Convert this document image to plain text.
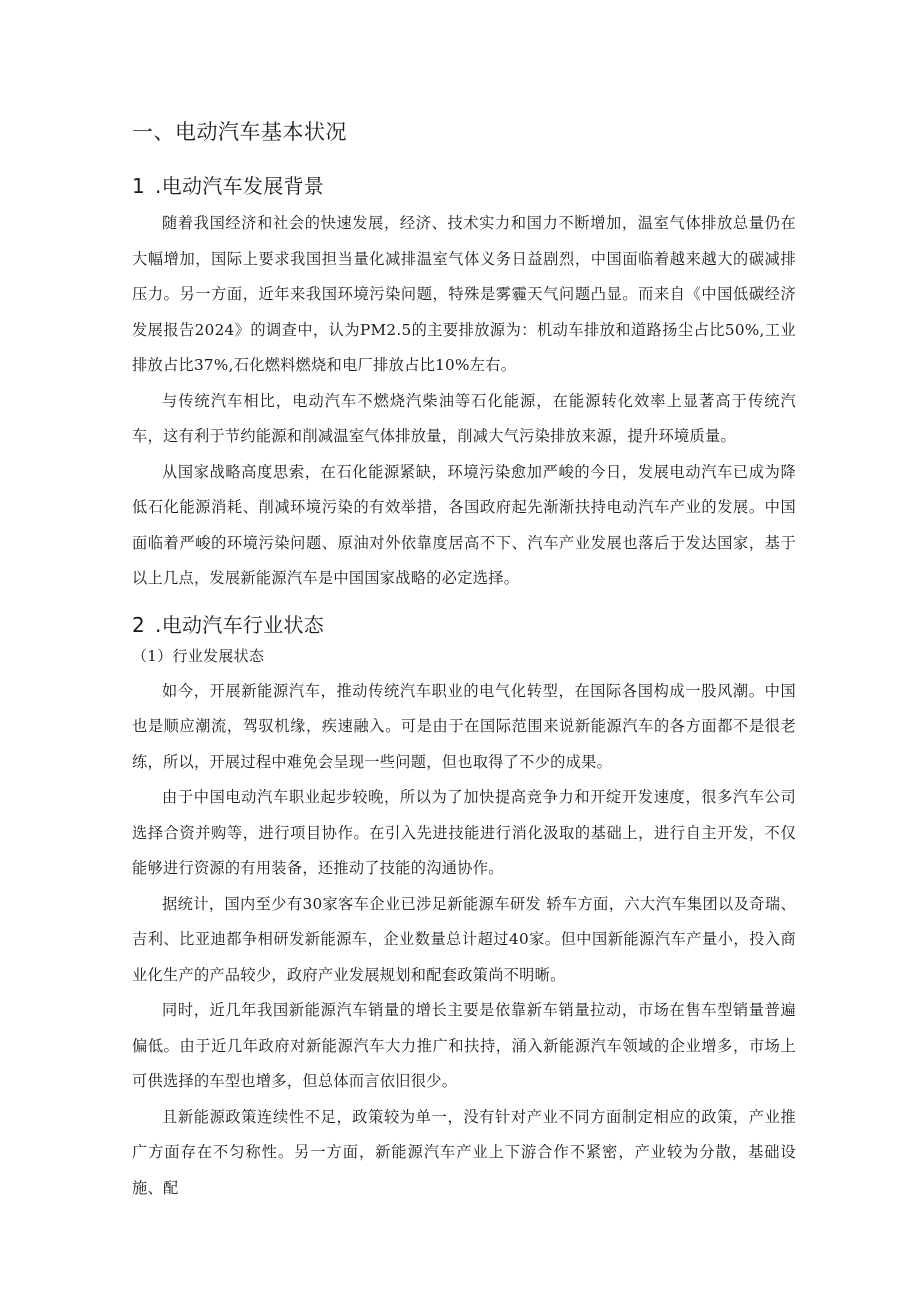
一、电动汽车基本状况
1 .电动汽车发展背景

随着我国经济和社会的快速发展，经济、技术实力和国力不断增加，温室气体排放总量仍在大幅增加，国际上要求我国担当量化减排温室气体义务日益剧烈，中国面临着越来越大的碳减排压力。另一方面，近年来我国环境污染问题，特殊是雾霾天气问题凸显。而来自《中国低碳经济发展报告2024》的调查中，认为PM2.5的主要排放源为：机动车排放和道路扬尘占比50%,工业排放占比37%,石化燃料燃烧和电厂排放占比10%左右。

与传统汽车相比，电动汽车不燃烧汽柴油等石化能源，在能源转化效率上显著高于传统汽车，这有利于节约能源和削减温室气体排放量，削减大气污染排放来源，提升环境质量。

从国家战略高度思索，在石化能源紧缺，环境污染愈加严峻的今日，发展电动汽车已成为降低石化能源消耗、削减环境污染的有效举措，各国政府起先渐渐扶持电动汽车产业的发展。中国面临着严峻的环境污染问题、原油对外依靠度居高不下、汽车产业发展也落后于发达国家，基于以上几点，发展新能源汽车是中国国家战略的必定选择。

2 .电动汽车行业状态

（1）行业发展状态

如今，开展新能源汽车，推动传统汽车职业的电气化转型，在国际各国构成一股风潮。中国也是顺应潮流，驾驭机缘，疾速融入。可是由于在国际范围来说新能源汽车的各方面都不是很老练，所以，开展过程中难免会呈现一些问题，但也取得了不少的成果。

由于中国电动汽车职业起步较晚，所以为了加快提高竞争力和开绽开发速度，很多汽车公司选择合资并购等，进行项目协作。在引入先进技能进行消化汲取的基础上，进行自主开发，不仅能够进行资源的有用装备，还推动了技能的沟通协作。

据统计，国内至少有30家客车企业已涉足新能源车研发 轿车方面，六大汽车集团以及奇瑞、吉利、比亚迪都争相研发新能源车，企业数量总计超过40家。但中国新能源汽车产量小，投入商业化生产的产品较少，政府产业发展规划和配套政策尚不明晰。

同时，近几年我国新能源汽车销量的增长主要是依靠新车销量拉动，市场在售车型销量普遍偏低。由于近几年政府对新能源汽车大力推广和扶持，涌入新能源汽车领域的企业增多，市场上可供选择的车型也增多，但总体而言依旧很少。

且新能源政策连续性不足，政策较为单一，没有针对产业不同方面制定相应的政策，产业推广方面存在不匀称性。另一方面，新能源汽车产业上下游合作不紧密，产业较为分散，基础设施、配
